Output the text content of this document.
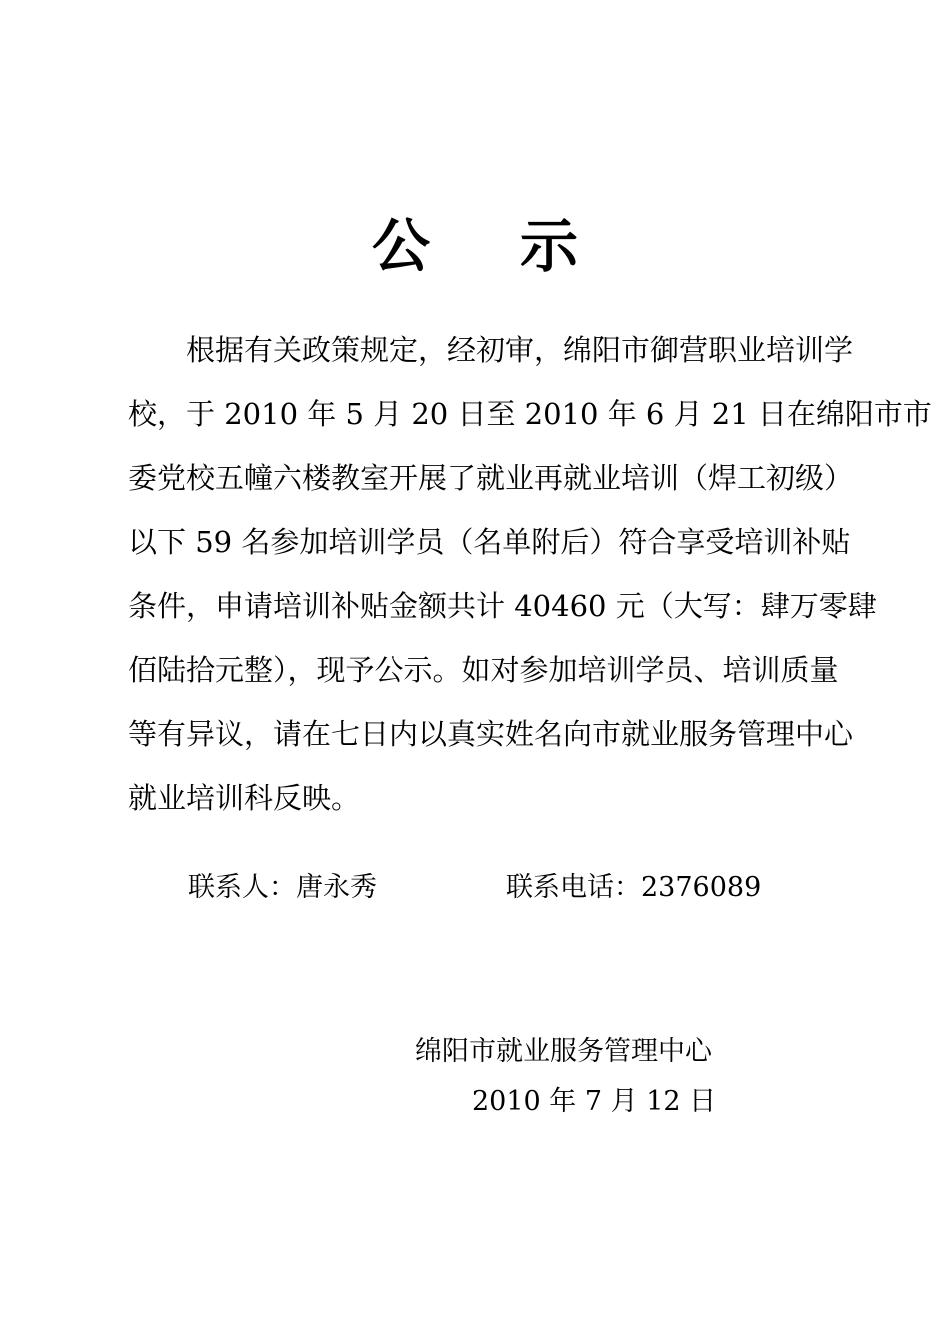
公 示
根据有关政策规定，经初审，绵阳市御营职业培训学
校，于 2010 年 5 月 20 日至 2010 年 6 月 21 日在绵阳市市
委党校五幢六楼教室开展了就业再就业培训（焊工初级）
以下 59 名参加培训学员（名单附后）符合享受培训补贴
条件，申请培训补贴金额共计 40460 元（大写：肆万零肆
佰陆拾元整），现予公示。如对参加培训学员、培训质量
等有异议，请在七日内以真实姓名向市就业服务管理中心
就业培训科反映。
联系人：唐永秀	联系电话：2376089
绵阳市就业服务管理中心
2010 年 7 月 12 日
